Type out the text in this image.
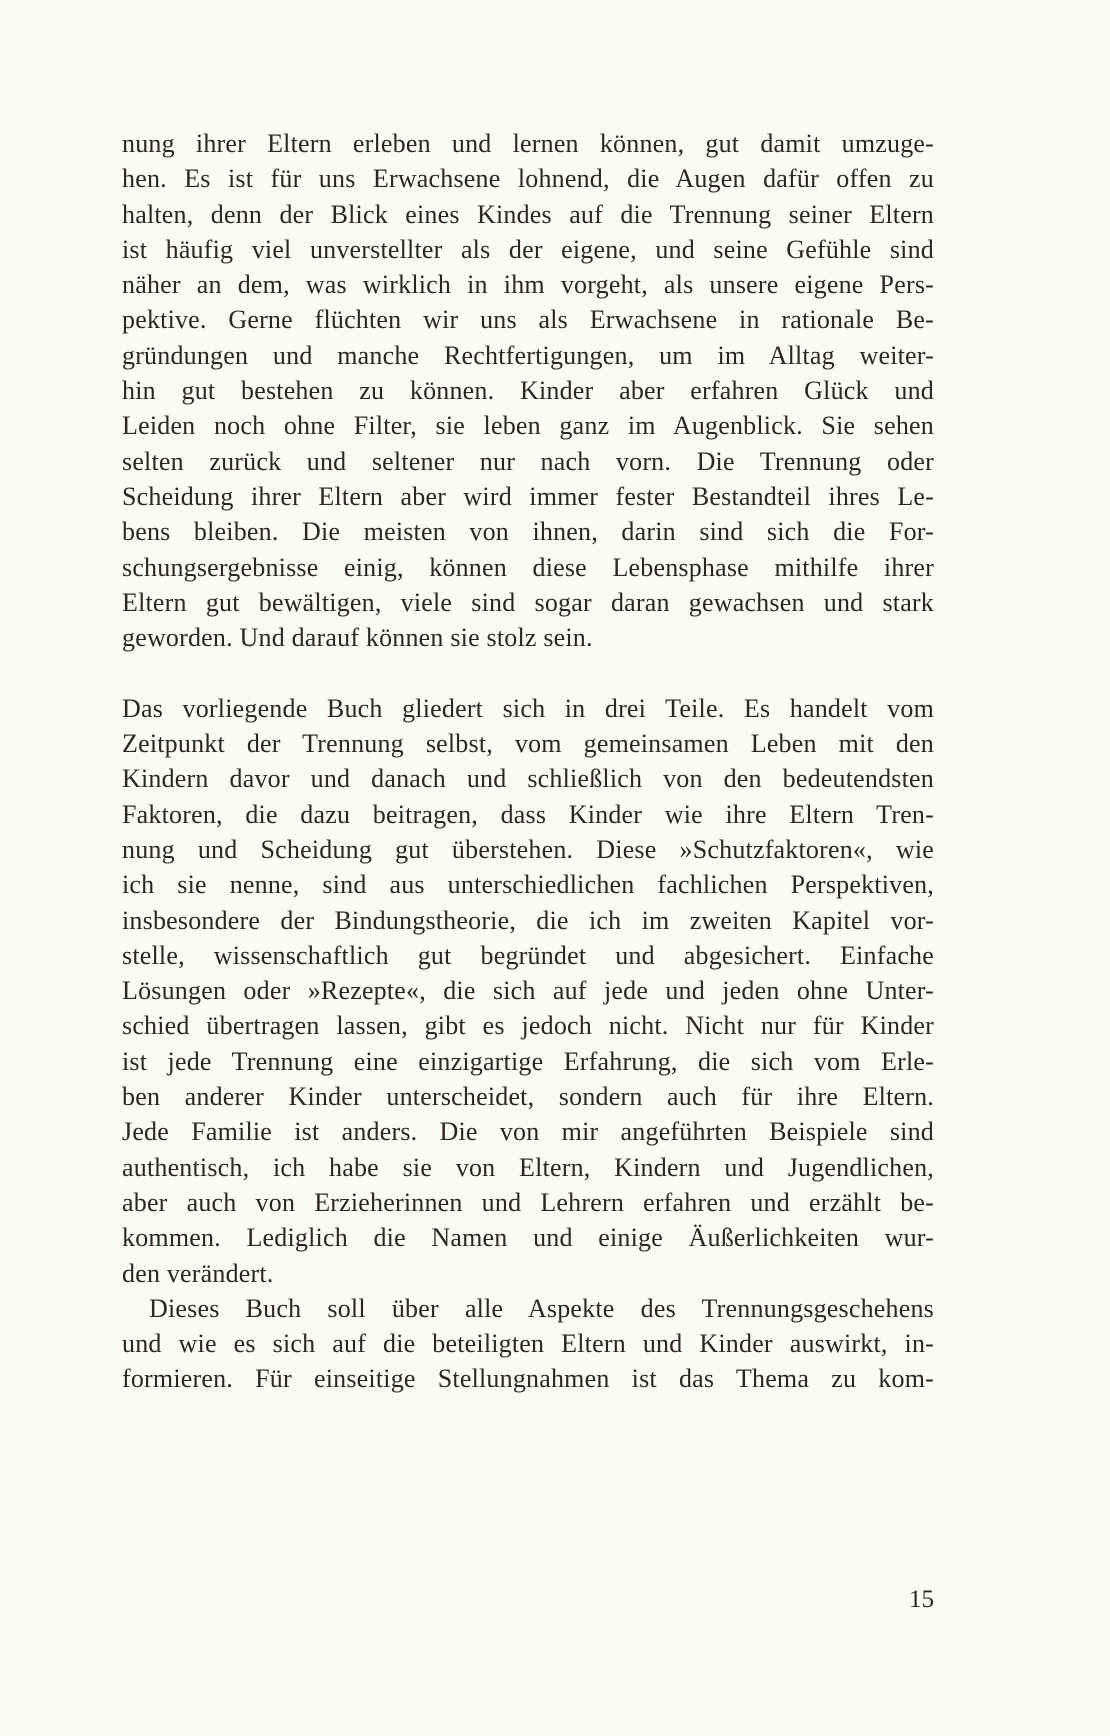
nung ihrer Eltern erleben und lernen können, gut damit umzuge-
hen. Es ist für uns Erwachsene lohnend, die Augen dafür offen zu
halten, denn der Blick eines Kindes auf die Trennung seiner Eltern
ist häufig viel unverstellter als der eigene, und seine Gefühle sind
näher an dem, was wirklich in ihm vorgeht, als unsere eigene Pers-
pektive. Gerne flüchten wir uns als Erwachsene in rationale Be-
gründungen und manche Rechtfertigungen, um im Alltag weiter-
hin gut bestehen zu können. Kinder aber erfahren Glück und
Leiden noch ohne Filter, sie leben ganz im Augenblick. Sie sehen
selten zurück und seltener nur nach vorn. Die Trennung oder
Scheidung ihrer Eltern aber wird immer fester Bestandteil ihres Le-
bens bleiben. Die meisten von ihnen, darin sind sich die For-
schungsergebnisse einig, können diese Lebensphase mithilfe ihrer
Eltern gut bewältigen, viele sind sogar daran gewachsen und stark
geworden. Und darauf können sie stolz sein.
Das vorliegende Buch gliedert sich in drei Teile. Es handelt vom
Zeitpunkt der Trennung selbst, vom gemeinsamen Leben mit den
Kindern davor und danach und schließlich von den bedeutendsten
Faktoren, die dazu beitragen, dass Kinder wie ihre Eltern Tren-
nung und Scheidung gut überstehen. Diese »Schutzfaktoren«, wie
ich sie nenne, sind aus unterschiedlichen fachlichen Perspektiven,
insbesondere der Bindungstheorie, die ich im zweiten Kapitel vor-
stelle, wissenschaftlich gut begründet und abgesichert. Einfache
Lösungen oder »Rezepte«, die sich auf jede und jeden ohne Unter-
schied übertragen lassen, gibt es jedoch nicht. Nicht nur für Kinder
ist jede Trennung eine einzigartige Erfahrung, die sich vom Erle-
ben anderer Kinder unterscheidet, sondern auch für ihre Eltern.
Jede Familie ist anders. Die von mir angeführten Beispiele sind
authentisch, ich habe sie von Eltern, Kindern und Jugendlichen,
aber auch von Erzieherinnen und Lehrern erfahren und erzählt be-
kommen. Lediglich die Namen und einige Äußerlichkeiten wur-
den verändert.
Dieses Buch soll über alle Aspekte des Trennungsgeschehens
und wie es sich auf die beteiligten Eltern und Kinder auswirkt, in-
formieren. Für einseitige Stellungnahmen ist das Thema zu kom-
15
